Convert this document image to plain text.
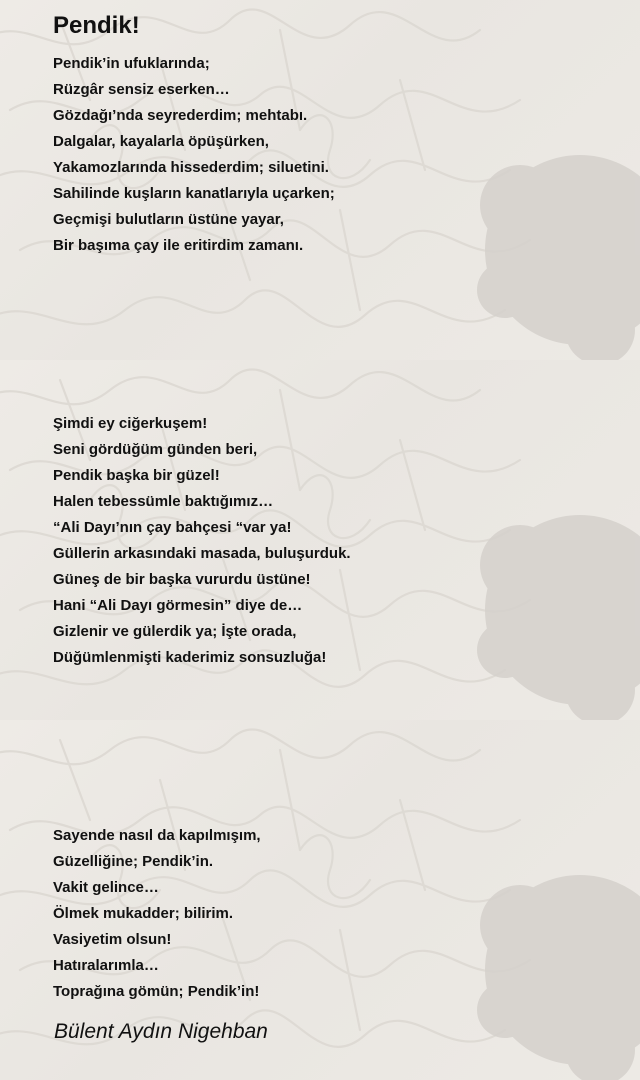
Pendik!
Pendik’in ufuklarında;
Rüzgâr sensiz eserken…
Gözdağı’nda seyrederdim; mehtabı.
Dalgalar, kayalarla öpüşürken,
Yakamozlarında hissederdim; siluetini.
Sahilinde kuşların kanatlarıyla uçarken;
Geçmişi bulutların üstüne yayar,
Bir başıma çay ile eritirdim zamanı.
Şimdi ey ciğerkuşem!
Seni gördüğüm günden beri,
Pendik başka bir güzel!
Halen tebessümle baktığımız…
“Ali Dayı’nın çay bahçesi “var ya!
Güllerin arkasındaki masada, buluşurduk.
Güneş de bir başka vururdu üstüne!
Hani “Ali Dayı görmesin” diye de…
Gizlenir ve gülerdik ya; İşte orada,
Düğümlenmişti kaderimiz sonsuzluğa!
Sayende nasıl da kapılmışım,
Güzelliğine; Pendik’in.
Vakit gelince…
Ölmek mukadder; bilirim.
Vasiyetim olsun!
Hatıralarımla…
Toprağına gömün; Pendik’in!

Bülent Aydın Nigehban
